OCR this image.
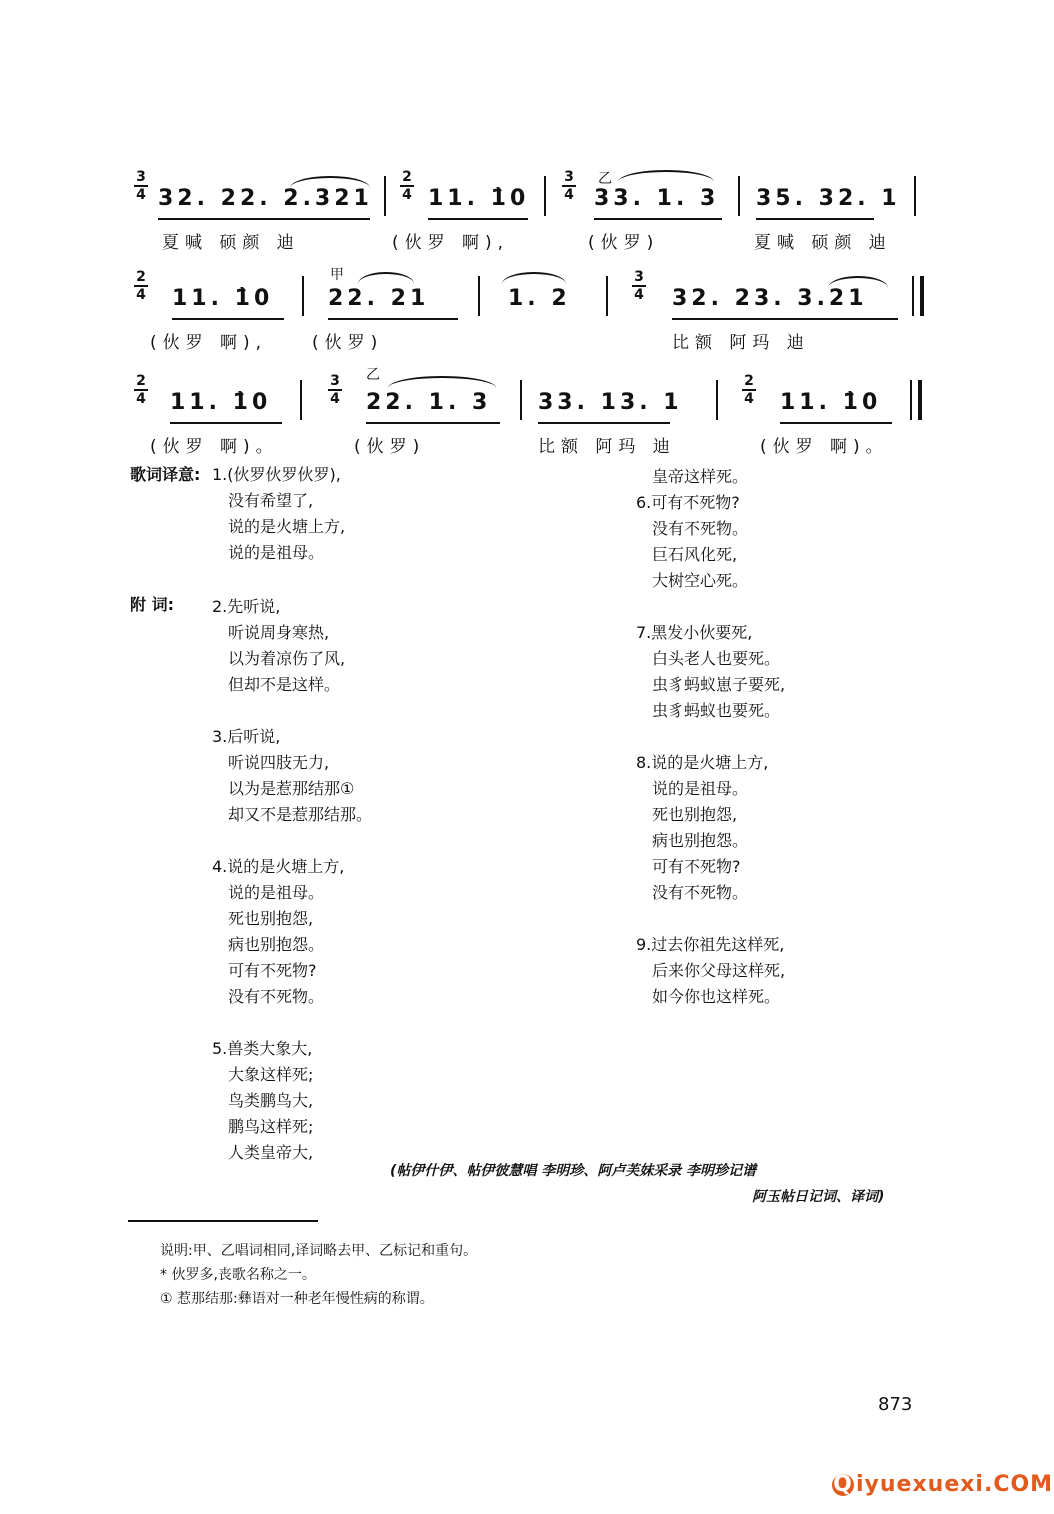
3
4 32. 22. 2.321
夏喊 硕颜 迪
2
4 11. 1̀0
(伙罗 啊),
3
4
乙
33. 1. 3
(伙罗)
35. 32. 1
夏喊 硕颜 迪
2
4 11. 1̀0
(伙罗 啊),
甲
22. 21
(伙罗)
1. 2
3
4 32. 23. 3.21
比额 阿玛 迪
2
4 11. 1̀0
(伙罗 啊)。
3
4
乙
22. 1. 3
(伙罗)
33. 13. 1
比额 阿玛 迪
2
4 11. 1̀0
(伙罗 啊)。
歌词译意:
附 词:
1.(伙罗伙罗伙罗),
没有希望了,
说的是火塘上方,
说的是祖母。
2.先听说,
听说周身寒热,
以为着凉伤了风,
但却不是这样。
3.后听说,
听说四肢无力,
以为是惹那结那①
却又不是惹那结那。
4.说的是火塘上方,
说的是祖母。
死也别抱怨,
病也别抱怨。
可有不死物?
没有不死物。
5.兽类大象大,
大象这样死;
鸟类鹏鸟大,
鹏鸟这样死;
人类皇帝大,
皇帝这样死。
6.可有不死物?
没有不死物。
巨石风化死,
大树空心死。
7.黑发小伙要死,
白头老人也要死。
虫豸蚂蚁崽子要死,
虫豸蚂蚁也要死。
8.说的是火塘上方,
说的是祖母。
死也别抱怨,
病也别抱怨。
可有不死物?
没有不死物。
9.过去你祖先这样死,
后来你父母这样死,
如今你也这样死。
(帖伊什伊、帖伊彼慧唱 李明珍、阿卢芙妹采录 李明珍记谱
阿玉帖日记词、译词)
说明:甲、乙唱词相同,译词略去甲、乙标记和重句。
* 伙罗多,丧歌名称之一。
① 惹那结那:彝语对一种老年慢性病的称谓。
873
Q iyuexuexi.COM
